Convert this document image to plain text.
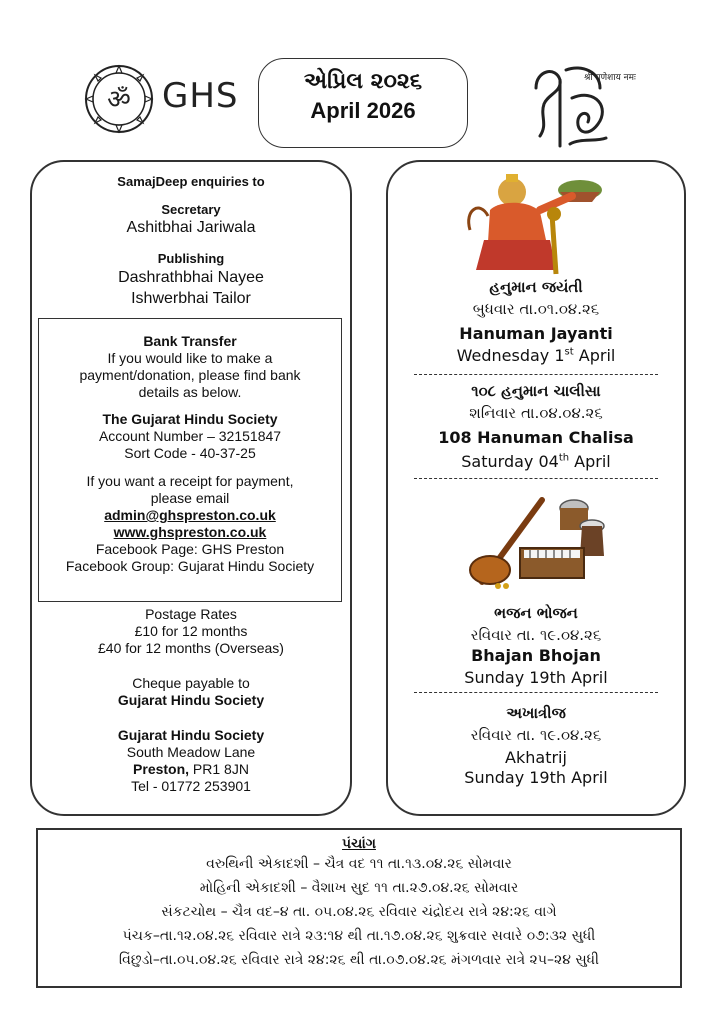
ॐ GHS	એપ્રિલ ૨૦૨૬
April 2026
श्री गणेशाय नमः
SamajDeep enquiries to
Secretary
Ashitbhai Jariwala
Publishing
Dashrathbhai Nayee
Ishwerbhai Tailor
Bank Transfer
If you would like to make a
payment/donation, please find bank
details as below.
The Gujarat Hindu Society
Account Number – 32151847
Sort Code - 40-37-25
If you want a receipt for payment,
please email
admin@ghspreston.co.uk
www.ghspreston.co.uk
Facebook Page: GHS Preston
Facebook Group: Gujarat Hindu Society
Postage Rates
£10 for 12 months
£40 for 12 months (Overseas)
Cheque payable to
Gujarat Hindu Society
Gujarat Hindu Society
South Meadow Lane
Preston, PR1 8JN
Tel - 01772 253901
હનુમાન જયંતી
બુધવાર તા.૦૧.૦૪.૨૬
Hanuman Jayanti
Wednesday 1st April
૧૦૮ હનુમાન ચાલીસા
શનિવાર તા.૦૪.૦૪.૨૬
108 Hanuman Chalisa
Saturday 04th April
ભજન ભોજન
રવિવાર તા. ૧૯.૦૪.૨૬
Bhajan Bhojan
Sunday 19th April
અખાત્રીજ
રવિવાર તા. ૧૯.૦૪.૨૬
Akhatrij
Sunday 19th April
પંચાંગ
વરુથિની એકાદશી – ચૈત્ર વદ ૧૧ તા.૧૩.૦૪.૨૬ સોમવાર
મોહિની એકાદશી – વૈશાખ સુદ ૧૧ તા.૨૭.૦૪.૨૬ સોમવાર
સંકટચોથ – ચૈત્ર વદ–૪ તા. ૦૫.૦૪.૨૬ રવિવાર ચંદ્રોદય રાત્રે ૨૪:૨૬ વાગે
પંચક–તા.૧૨.૦૪.૨૬ રવિવાર રાત્રે ૨૩:૧૪ થી તા.૧૭.૦૪.૨૬ શુક્રવાર સવારે ૦૭:૩૨ સુધી
વિંછુડો–તા.૦૫.૦૪.૨૬ રવિવાર રાત્રે ૨૪:૨૬ થી તા.૦૭.૦૪.૨૬ મંગળવાર રાત્રે ૨૫–૨૪ સુધી
